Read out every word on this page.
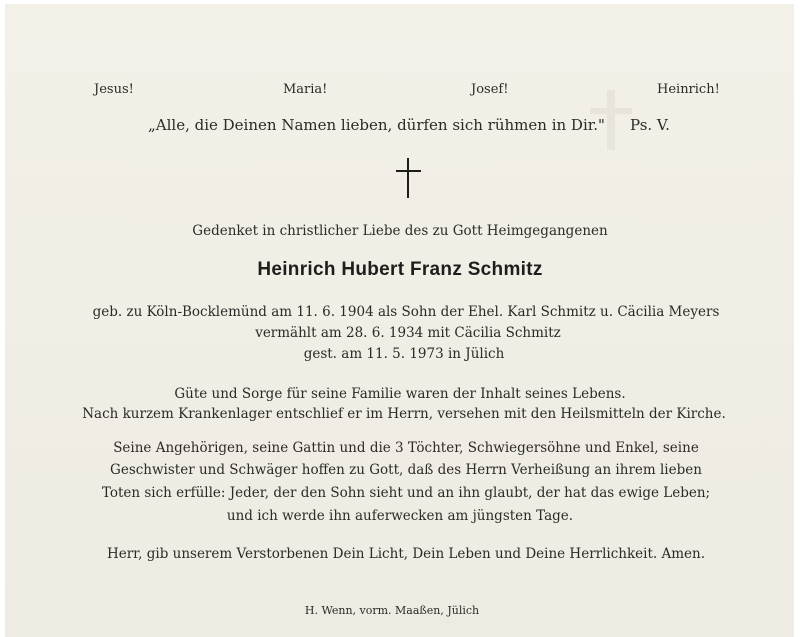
Jesus!	Maria!	Josef!	Heinrich!
„Alle, die Deinen Namen lieben, dürfen sich rühmen in Dir." Ps. V.
Gedenket in christlicher Liebe des zu Gott Heimgegangenen
Heinrich Hubert Franz Schmitz
geb. zu Köln-Bocklemünd am 11. 6. 1904 als Sohn der Ehel. Karl Schmitz u. Cäcilia Meyers
vermählt am 28. 6. 1934 mit Cäcilia Schmitz
gest. am 11. 5. 1973 in Jülich
Güte und Sorge für seine Familie waren der Inhalt seines Lebens.
Nach kurzem Krankenlager entschlief er im Herrn, versehen mit den Heilsmitteln der Kirche.
Seine Angehörigen, seine Gattin und die 3 Töchter, Schwiegersöhne und Enkel, seine
Geschwister und Schwäger hoffen zu Gott, daß des Herrn Verheißung an ihrem lieben
Toten sich erfülle: Jeder, der den Sohn sieht und an ihn glaubt, der hat das ewige Leben;
und ich werde ihn auferwecken am jüngsten Tage.
Herr, gib unserem Verstorbenen Dein Licht, Dein Leben und Deine Herrlichkeit. Amen.
H. Wenn, vorm. Maaßen, Jülich
